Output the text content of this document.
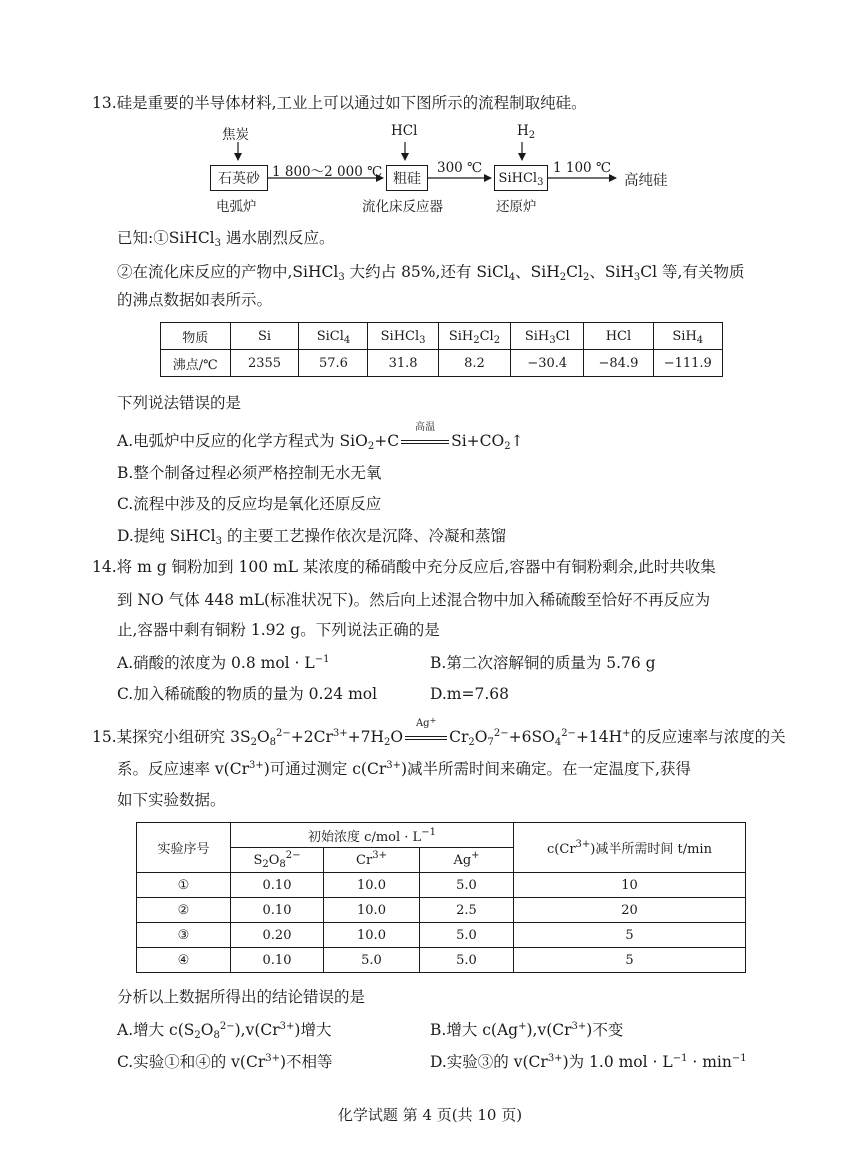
13.硅是重要的半导体材料,工业上可以通过如下图所示的流程制取纯硅。
焦炭	HCl	$H_2$
石英砂	粗硅	SiHCl$_3$
1 800～2 000 ℃	300 ℃	1 100 ℃
高纯硅
电弧炉	流化床反应器	还原炉
已知:①SiHCl$_3$ 遇水剧烈反应。
②在流化床反应的产物中,SiHCl$_3$ 大约占 85%,还有 SiCl$_4$、$SiH_2Cl_2$、SiH$_3$Cl 等,有关物质
的沸点数据如表所示。
物质	Si	SiCl$_4$	SiHCl$_3$	$SiH_2Cl_2$	SiH$_3$Cl	HCl	SiH$_4$
沸点/℃	2355	57.6	31.8	8.2	−30.4	−84.9	−111.9
下列说法错误的是
A.电弧炉中反应的化学方程式为 SiO$_2$+C
高温
$Si+CO_2↑$
B.整个制备过程必须严格控制无水无氧
C.流程中涉及的反应均是氧化还原反应
D.提纯 SiHCl$_3$ 的主要工艺操作依次是沉降、冷凝和蒸馏
14.将 m g 铜粉加到 100 mL 某浓度的稀硝酸中充分反应后,容器中有铜粉剩余,此时共收集
到 NO 气体 448 mL(标准状况下)。然后向上述混合物中加入稀硫酸至恰好不再反应为
止,容器中剩有铜粉 1.92 g。下列说法正确的是
A.硝酸的浓度为 0.8 mol · $L^{-1}$	B.第二次溶解铜的质量为 5.76 g
C.加入稀硫酸的物质的量为 0.24 mol	D.m=7.68
15.某探究小组研究 $3S_2O_8^{2-}+2Cr^{3+}+7H_2O$
Ag+
$Cr_2O_7^{2-}+6SO_4^{2-}+14H^+$的反应速率与浓度的关
系。反应速率 $v(Cr^{3+})$可通过测定 $c(Cr^{3+})$减半所需时间来确定。在一定温度下,获得
如下实验数据。
实验序号	初始浓度 $c/mol \cdot L^{-1}$			$c(Cr^{3+})$减半所需时间 t/min
	$S_2O_8^{2-}$	$Cr^{3+}$	Ag+
①	0.10	10.0	5.0	10
②	0.10	10.0	2.5	20
③	0.20	10.0	5.0	5
④	0.10	5.0	5.0	5
分析以上数据所得出的结论错误的是
A.增大 $c(S_2O_8^{2-}),v(Cr^{3+})$增大	B.增大 $c(Ag^+),v(Cr^{3+})$不变
C.实验①和④的 $v(Cr^{3+})$不相等	D.实验③的 $v(Cr^{3+})$为 1.0 mol · $L^{-1} \cdot \min^{-1}$
化学试题 第 4 页(共 10 页)
